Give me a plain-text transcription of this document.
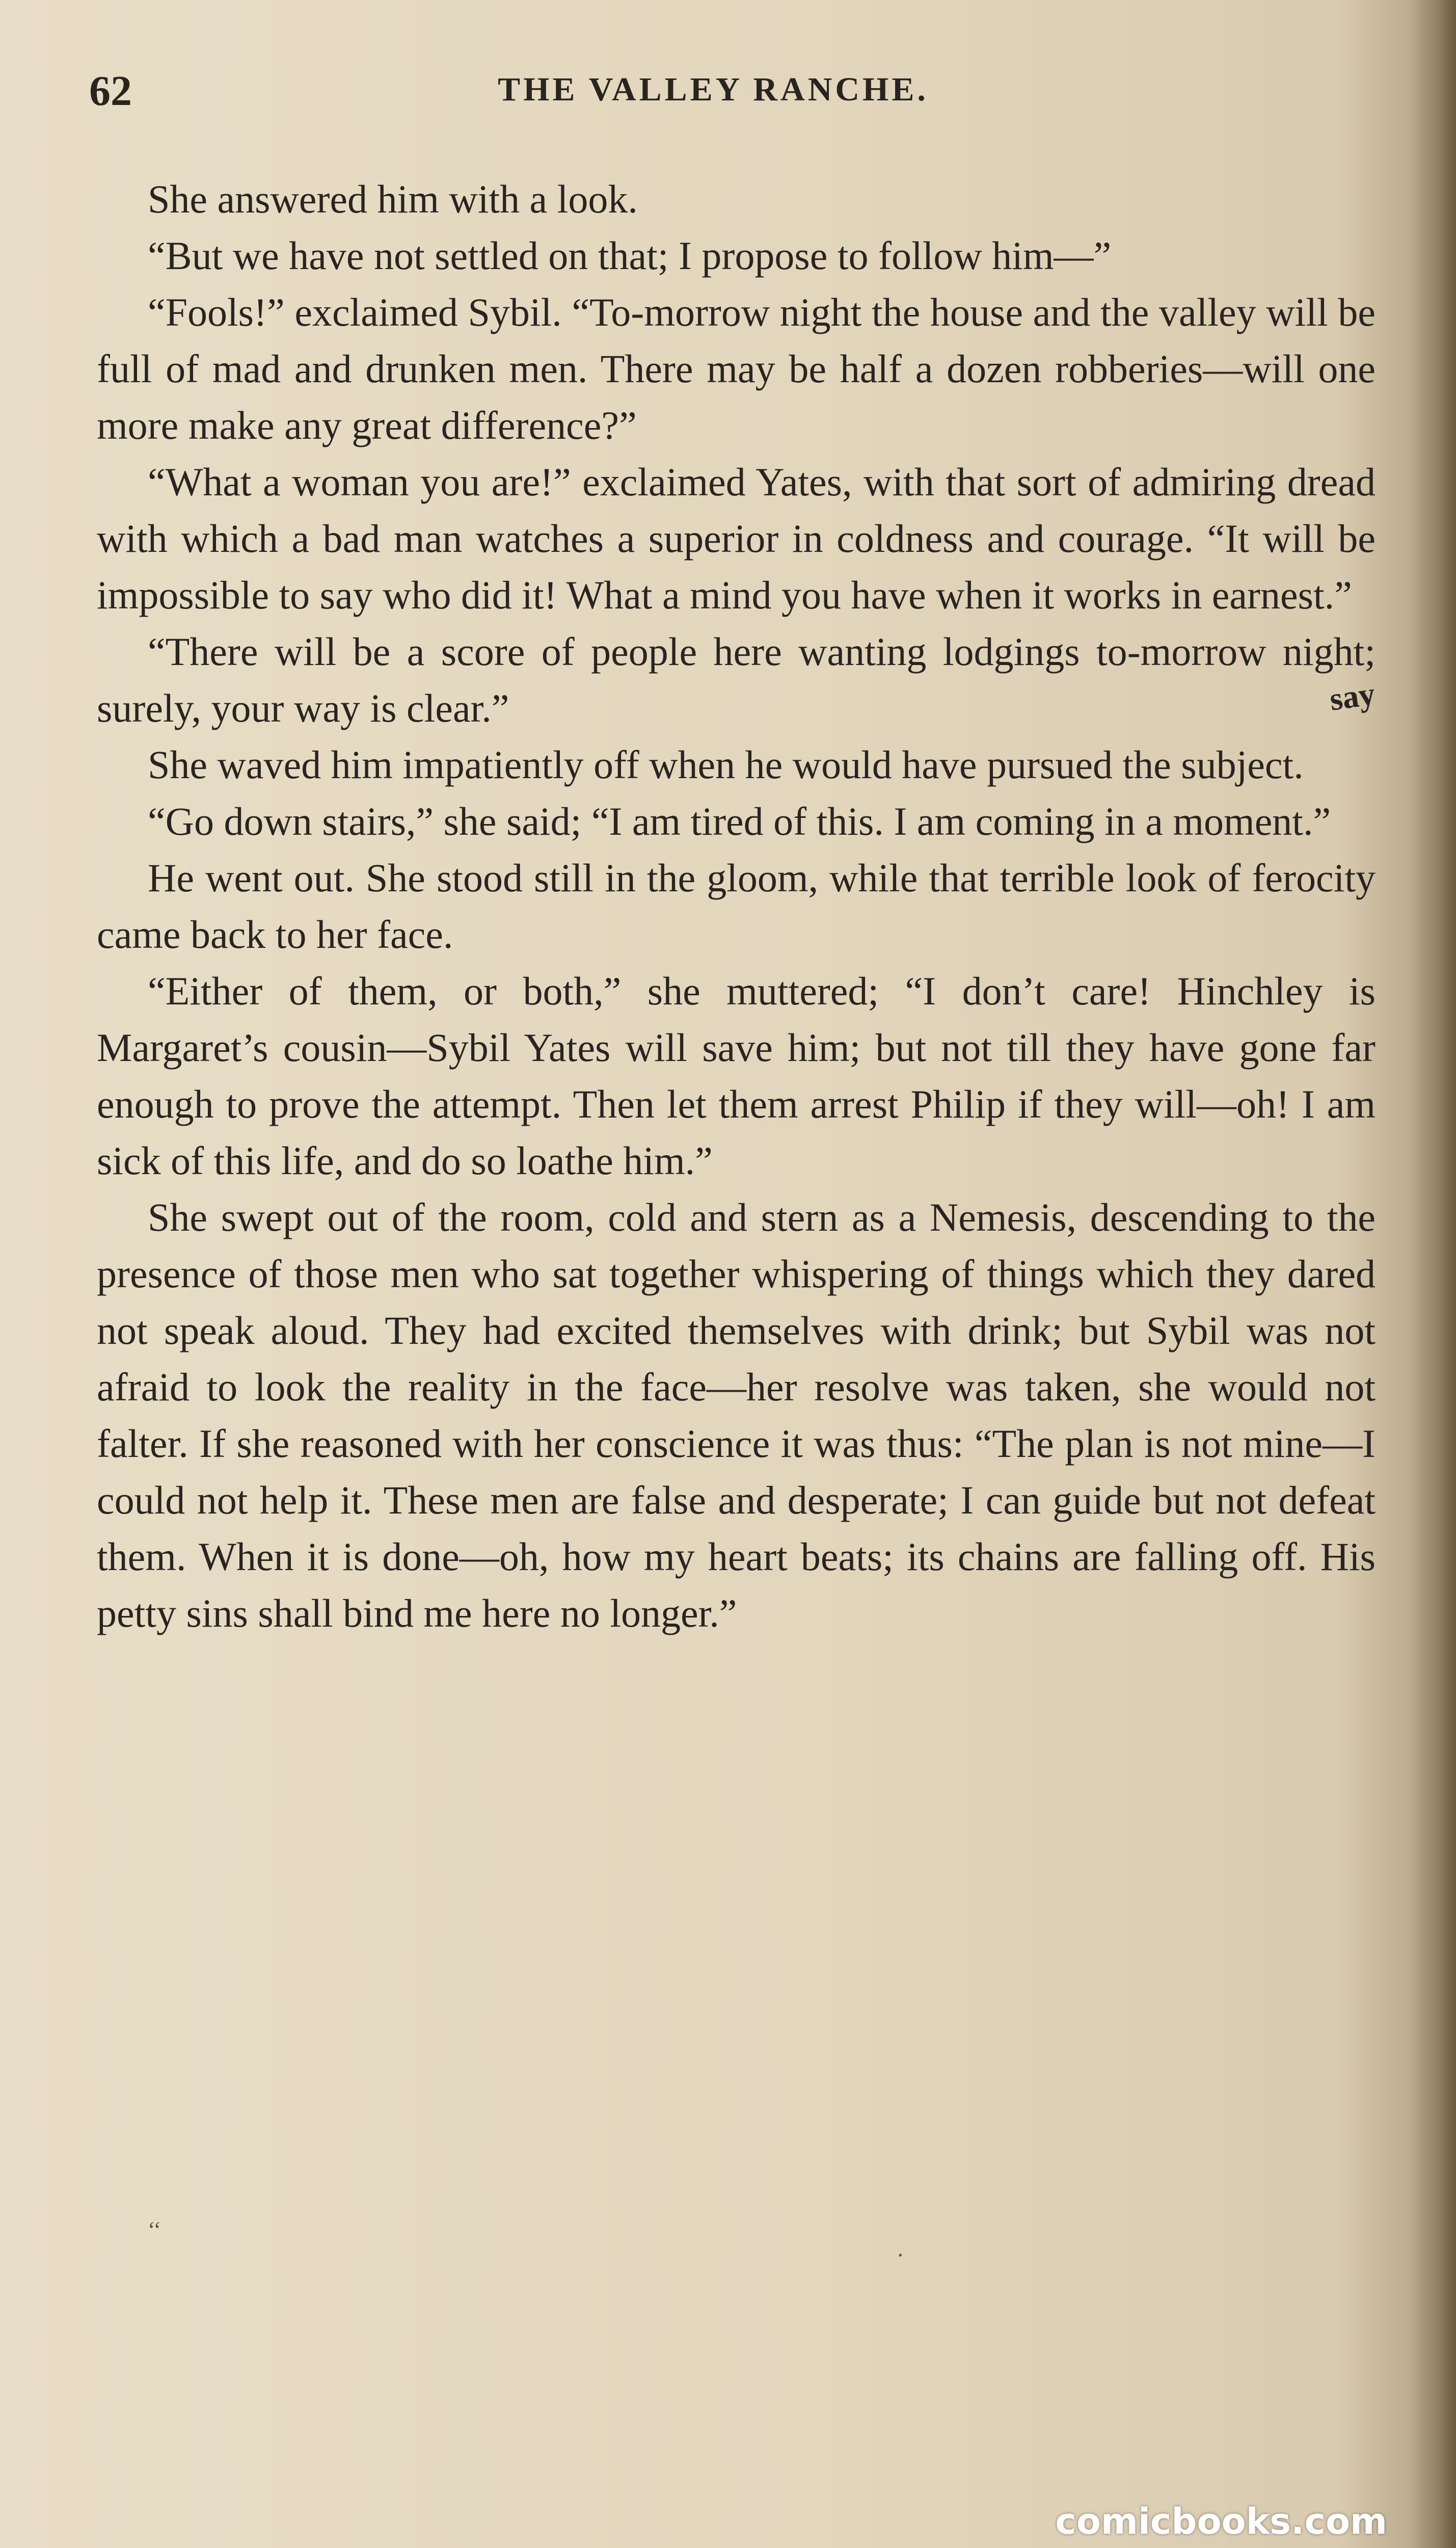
62	THE VALLEY RANCHE.

She answered him with a look.

“But we have not settled on that; I propose to follow him—”

“Fools!” exclaimed Sybil. “To-morrow night the house and the valley will be full of mad and drunken men. There may be half a dozen robberies—will one more make any great difference?”

“What a woman you are!” exclaimed Yates, with that sort of admiring dread with which a bad man watches a superior in coldness and courage. “It will be impossible to say who did it! What a mind you have when it works in earnest.”

“There will be a score of people here wanting lodgings to-morrow night; surely, your way is clear.”

She waved him impatiently off when he would have pursued the subject.

“Go down stairs,” she said; “I am tired of this. I am coming in a moment.”

He went out. She stood still in the gloom, while that terrible look of ferocity came back to her face.

“Either of them, or both,” she muttered; “I don’t care! Hinchley is Margaret’s cousin—Sybil Yates will save him; but not till they have gone far enough to prove the attempt. Then let them arrest Philip if they will—oh! I am sick of this life, and do so loathe him.”

She swept out of the room, cold and stern as a Nemesis, descending to the presence of those men who sat together whispering of things which they dared not speak aloud. They had excited themselves with drink; but Sybil was not afraid to look the reality in the face—her resolve was taken, she would not falter. If she reasoned with her conscience it was thus: “The plan is not mine—I could not help it. These men are false and desperate; I can guide but not defeat them. When it is done—oh, how my heart beats; its chains are falling off. His petty sins shall bind me here no longer.”

say
‘‘
·
comicbooks.com
